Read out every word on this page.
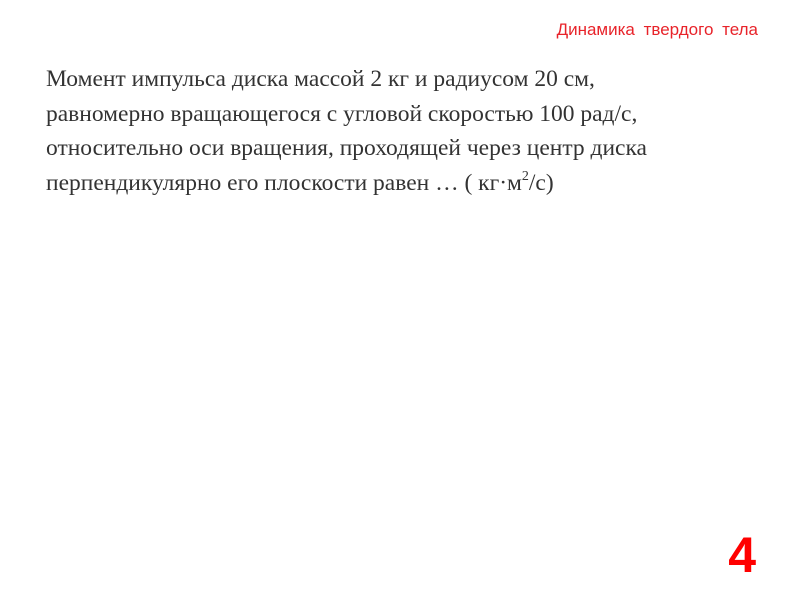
Динамика твердого тела
Момент импульса диска массой 2 кг и радиусом 20 см,
равномерно вращающегося с угловой скоростью 100 рад/с,
относительно оси вращения, проходящей через центр диска
перпендикулярно его плоскости равен … ( $кг\cdot м^2/с$)
4
